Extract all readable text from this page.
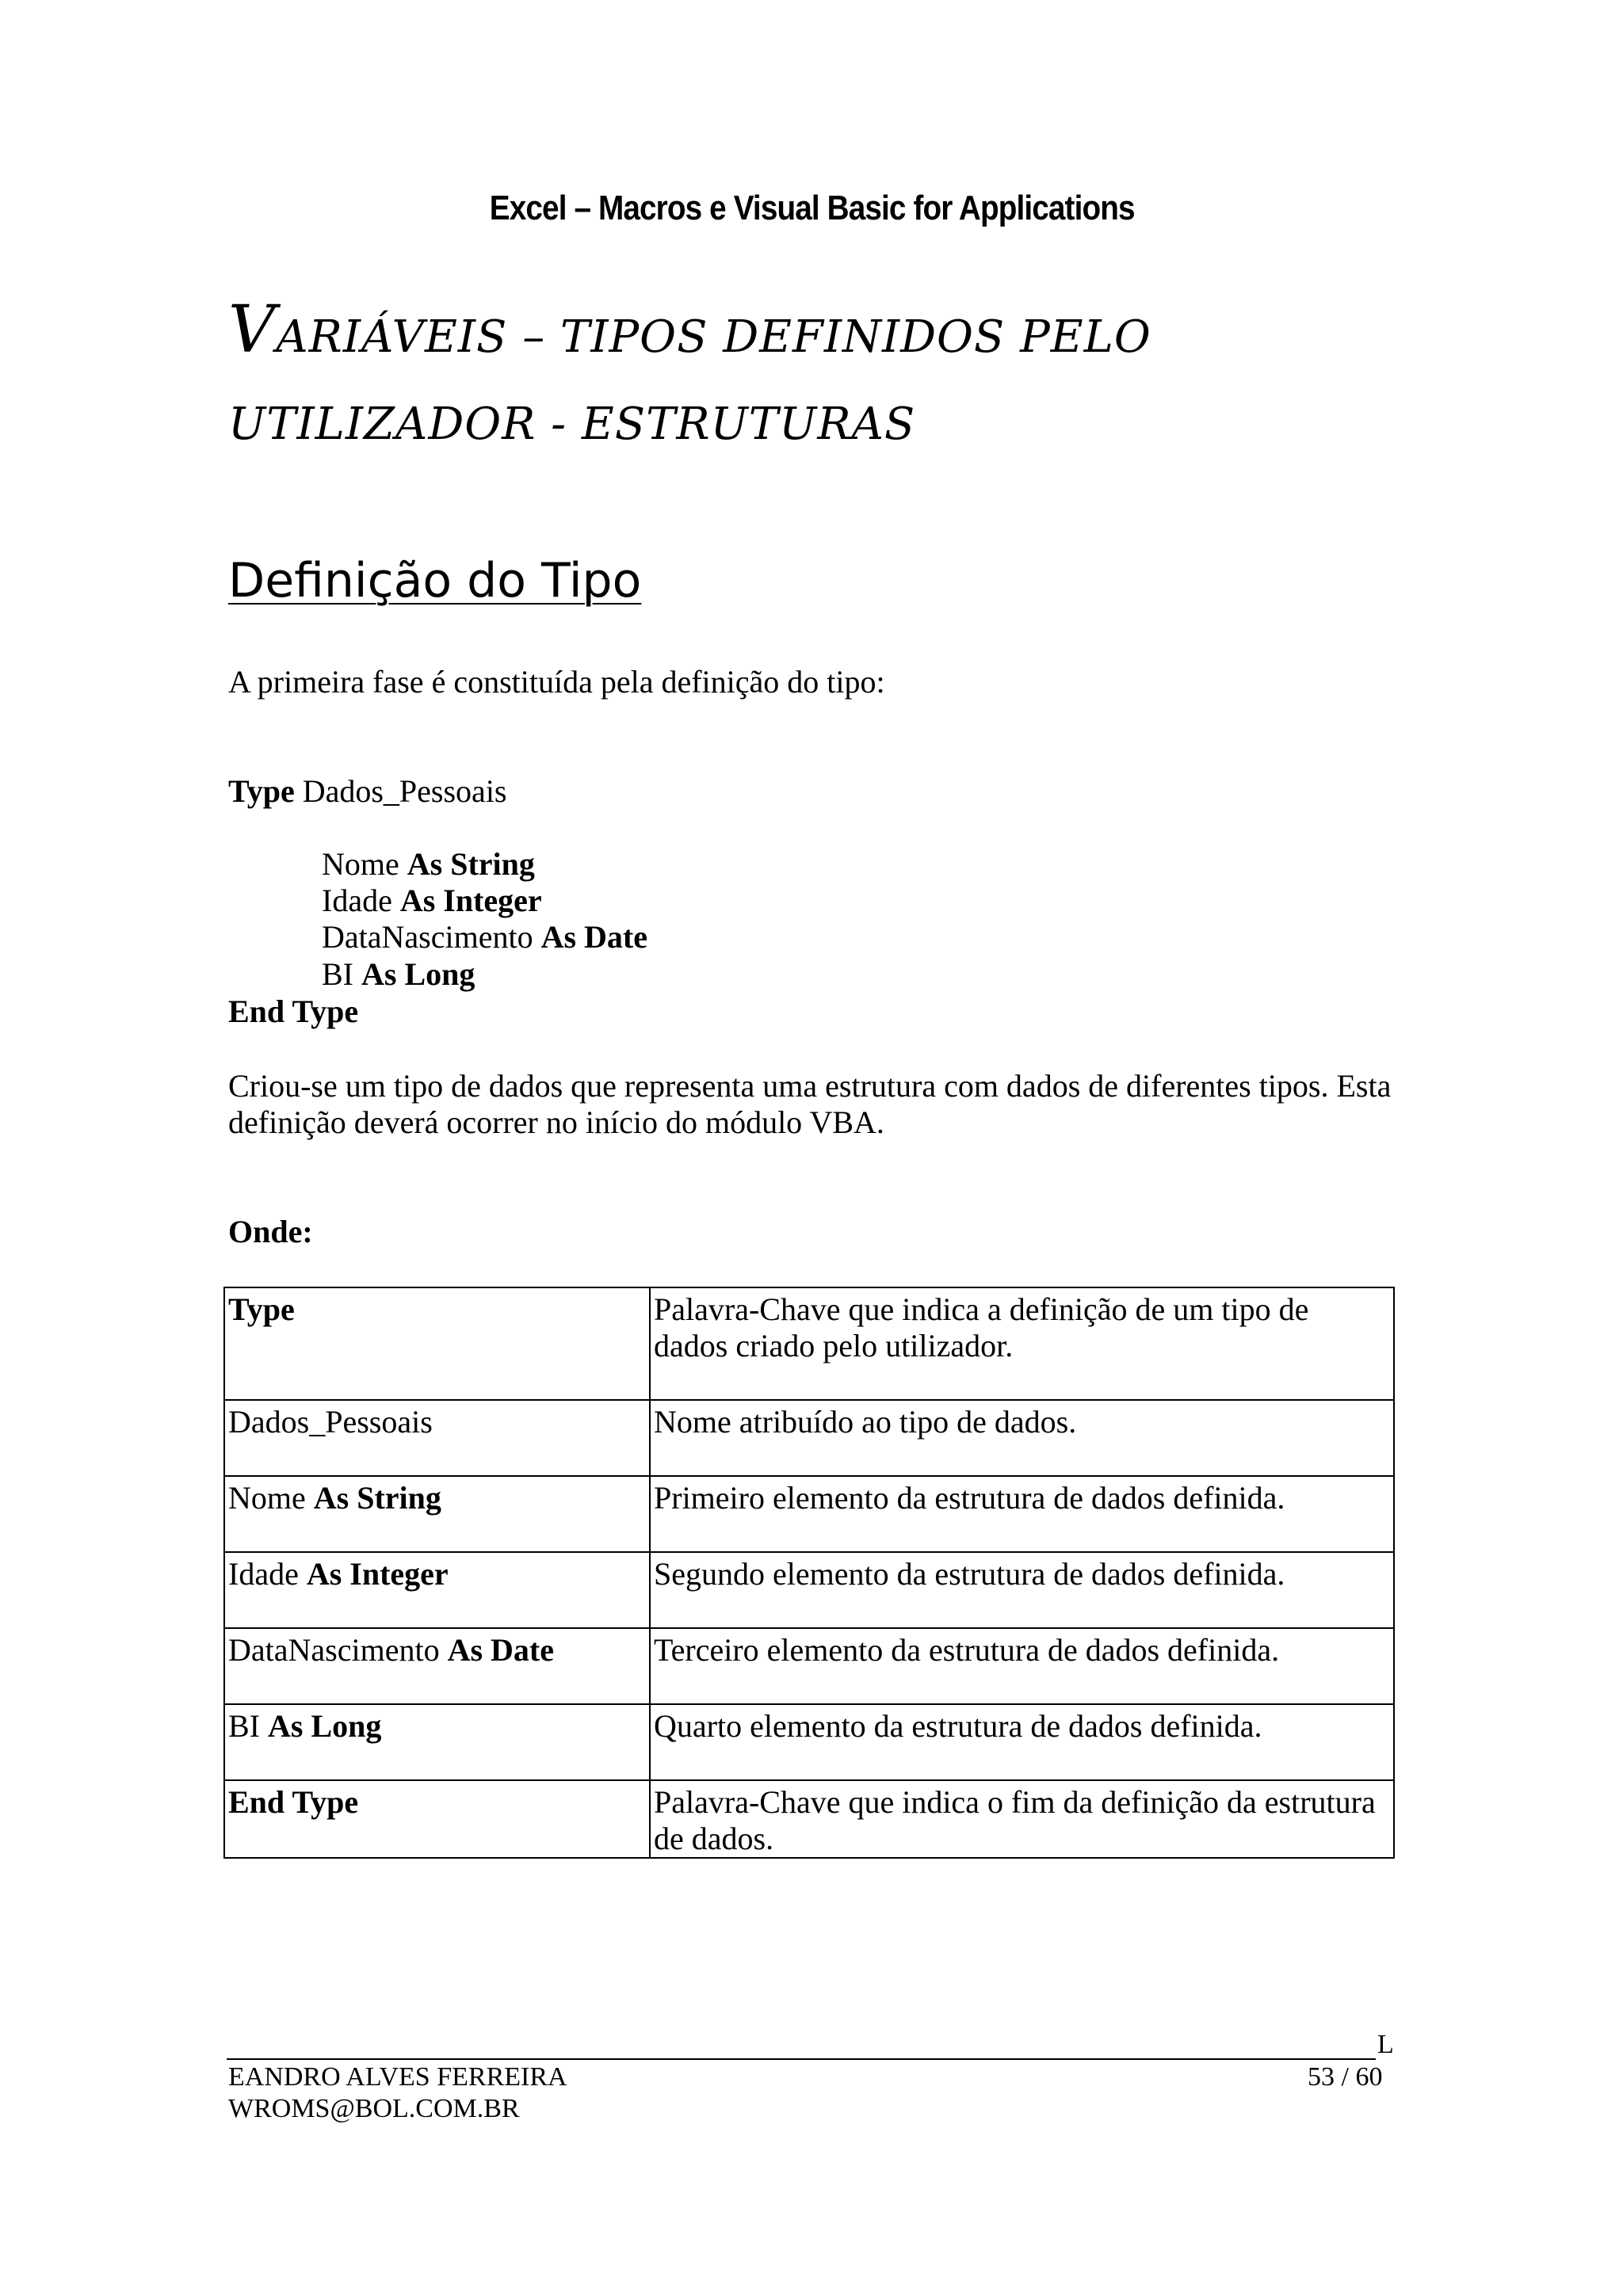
Excel – Macros e Visual Basic for Applications
VARIÁVEIS – TIPOS DEFINIDOS PELO
UTILIZADOR - ESTRUTURAS
Definição do Tipo
A primeira fase é constituída pela definição do tipo:
Type Dados_Pessoais
Nome As String
Idade As Integer
DataNascimento As Date
BI As Long
End Type
Criou-se um tipo de dados que representa uma estrutura com dados de diferentes tipos. Esta definição deverá ocorrer no início do módulo VBA.
Onde:
Type	Palavra-Chave que indica a definição de um tipo de dados criado pelo utilizador.
Dados_Pessoais	Nome atribuído ao tipo de dados.
Nome As String	Primeiro elemento da estrutura de dados definida.
Idade As Integer	Segundo elemento da estrutura de dados definida.
DataNascimento As Date	Terceiro elemento da estrutura de dados definida.
BI As Long	Quarto elemento da estrutura de dados definida.
End Type	Palavra-Chave que indica o fim da definição da estrutura de dados.
L
EANDRO ALVES FERREIRA
WROMS@BOL.COM.BR
53 / 60
